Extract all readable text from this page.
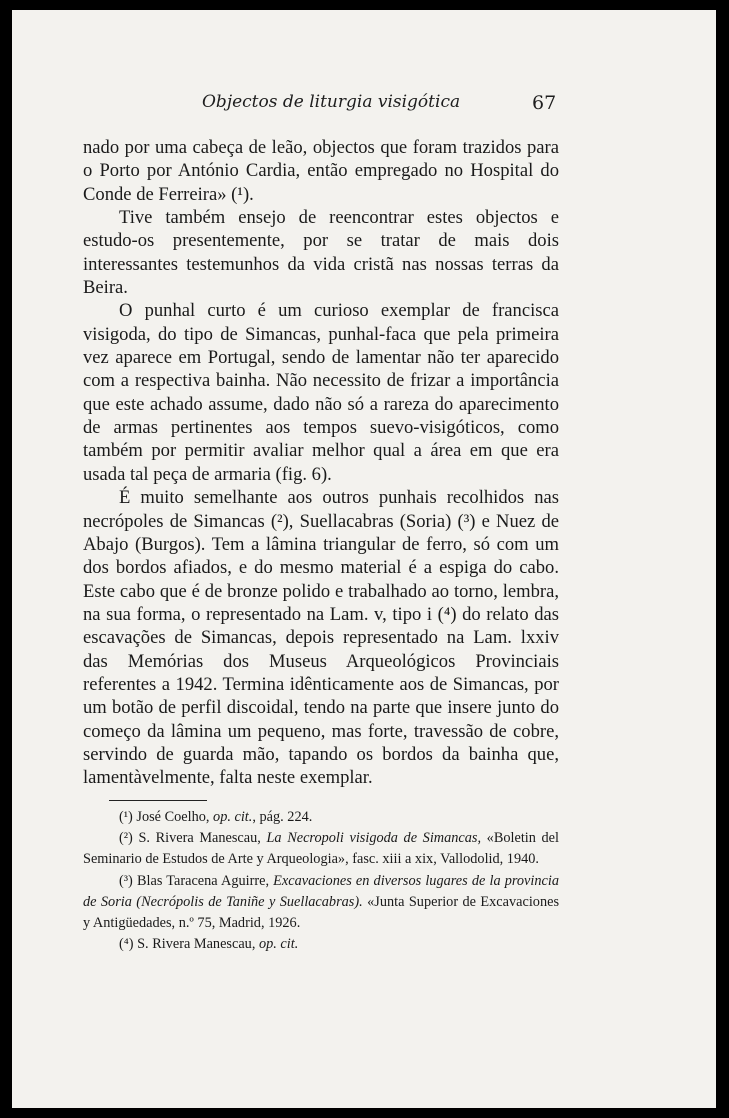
Objectos de liturgia visigótica	67

nado por uma cabeça de leão, objectos que foram trazidos para o Porto por António Cardia, então empregado no Hospital do Conde de Ferreira» (¹).

Tive também ensejo de reencontrar estes objectos e estudo-os presentemente, por se tratar de mais dois interessantes testemunhos da vida cristã nas nossas terras da Beira.

O punhal curto é um curioso exemplar de francisca visigoda, do tipo de Simancas, punhal-faca que pela primeira vez aparece em Portugal, sendo de lamentar não ter aparecido com a respectiva bainha. Não necessito de frizar a importância que este achado assume, dado não só a rareza do aparecimento de armas pertinentes aos tempos suevo-visigóticos, como também por permitir avaliar melhor qual a área em que era usada tal peça de armaria (fig. 6).

É muito semelhante aos outros punhais recolhidos nas necrópoles de Simancas (²), Suellacabras (Soria) (³) e Nuez de Abajo (Burgos). Tem a lâmina triangular de ferro, só com um dos bordos afiados, e do mesmo material é a espiga do cabo. Este cabo que é de bronze polido e trabalhado ao torno, lembra, na sua forma, o representado na Lam. v, tipo i (⁴) do relato das escavações de Simancas, depois representado na Lam. lxxiv das Memórias dos Museus Arqueológicos Provinciais referentes a 1942. Termina idênticamente aos de Simancas, por um botão de perfil discoidal, tendo na parte que insere junto do começo da lâmina um pequeno, mas forte, travessão de cobre, servindo de guarda mão, tapando os bordos da bainha que, lamentàvelmente, falta neste exemplar.

(¹) José Coelho, op. cit., pág. 224.

(²) S. Rivera Manescau, La Necropoli visigoda de Simancas, «Boletin del Seminario de Estudos de Arte y Arqueologia», fasc. xiii a xix, Vallodolid, 1940.

(³) Blas Taracena Aguirre, Excavaciones en diversos lugares de la provincia de Soria (Necrópolis de Taniñe y Suellacabras). «Junta Superior de Excavaciones y Antigüedades, n.º 75, Madrid, 1926.

(⁴) S. Rivera Manescau, op. cit.
